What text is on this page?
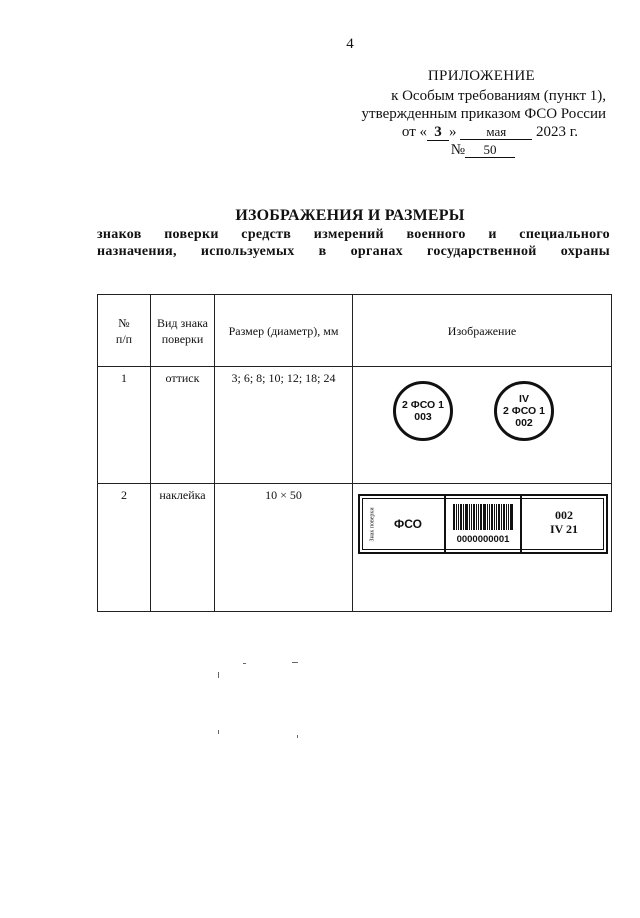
4
ПРИЛОЖЕНИЕ
к Особым требованиям (пункт 1),
утвержденным приказом ФСО России
от « 3 » мая 2023 г.
№ 50
ИЗОБРАЖЕНИЯ И РАЗМЕРЫ
знаков поверки средств измерений военного и специального
назначения, используемых в органах государственной охраны
№ п/п	Вид знака поверки	Размер (диаметр), мм	Изображение
1	оттиск	3; 6; 8; 10; 12; 18; 24	2 ФСО 1
003
IV
2 ФСО 1
002

2	наклейка	10 × 50	Знак поверки ФСО
0000000001
002
IV 21
